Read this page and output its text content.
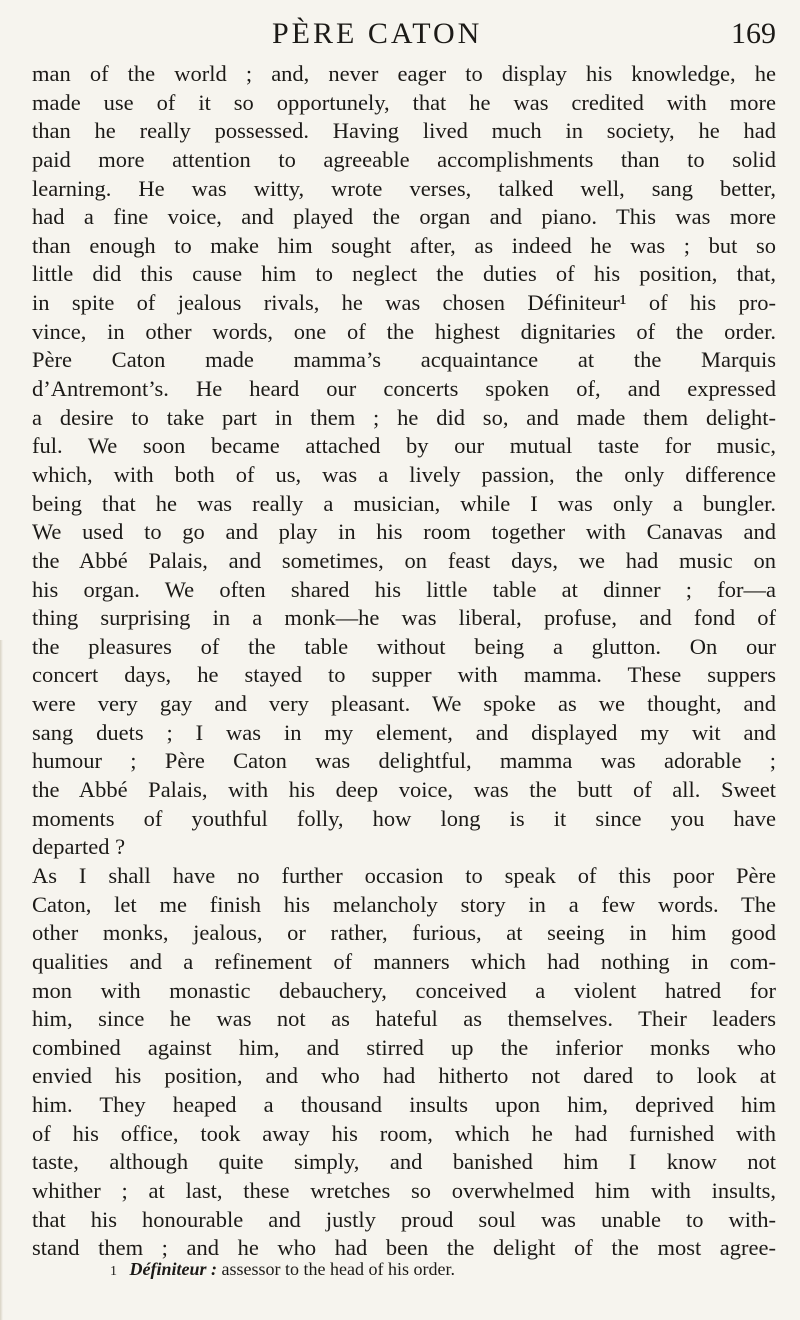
PÈRE CATON	169
man of the world ; and, never eager to display his knowledge, he
made use of it so opportunely, that he was credited with more
than he really possessed. Having lived much in society, he had
paid more attention to agreeable accomplishments than to solid
learning. He was witty, wrote verses, talked well, sang better,
had a fine voice, and played the organ and piano. This was more
than enough to make him sought after, as indeed he was ; but so
little did this cause him to neglect the duties of his position, that,
in spite of jealous rivals, he was chosen Définiteur¹ of his pro-
vince, in other words, one of the highest dignitaries of the order.
Père Caton made mamma’s acquaintance at the Marquis
d’Antremont’s. He heard our concerts spoken of, and expressed
a desire to take part in them ; he did so, and made them delight-
ful. We soon became attached by our mutual taste for music,
which, with both of us, was a lively passion, the only difference
being that he was really a musician, while I was only a bungler.
We used to go and play in his room together with Canavas and
the Abbé Palais, and sometimes, on feast days, we had music on
his organ. We often shared his little table at dinner ; for—a
thing surprising in a monk—he was liberal, profuse, and fond of
the pleasures of the table without being a glutton. On our
concert days, he stayed to supper with mamma. These suppers
were very gay and very pleasant. We spoke as we thought, and
sang duets ; I was in my element, and displayed my wit and
humour ; Père Caton was delightful, mamma was adorable ;
the Abbé Palais, with his deep voice, was the butt of all. Sweet
moments of youthful folly, how long is it since you have
departed ?
As I shall have no further occasion to speak of this poor Père
Caton, let me finish his melancholy story in a few words. The
other monks, jealous, or rather, furious, at seeing in him good
qualities and a refinement of manners which had nothing in com-
mon with monastic debauchery, conceived a violent hatred for
him, since he was not as hateful as themselves. Their leaders
combined against him, and stirred up the inferior monks who
envied his position, and who had hitherto not dared to look at
him. They heaped a thousand insults upon him, deprived him
of his office, took away his room, which he had furnished with
taste, although quite simply, and banished him I know not
whither ; at last, these wretches so overwhelmed him with insults,
that his honourable and justly proud soul was unable to with-
stand them ; and he who had been the delight of the most agree-
1 Définiteur : assessor to the head of his order.
